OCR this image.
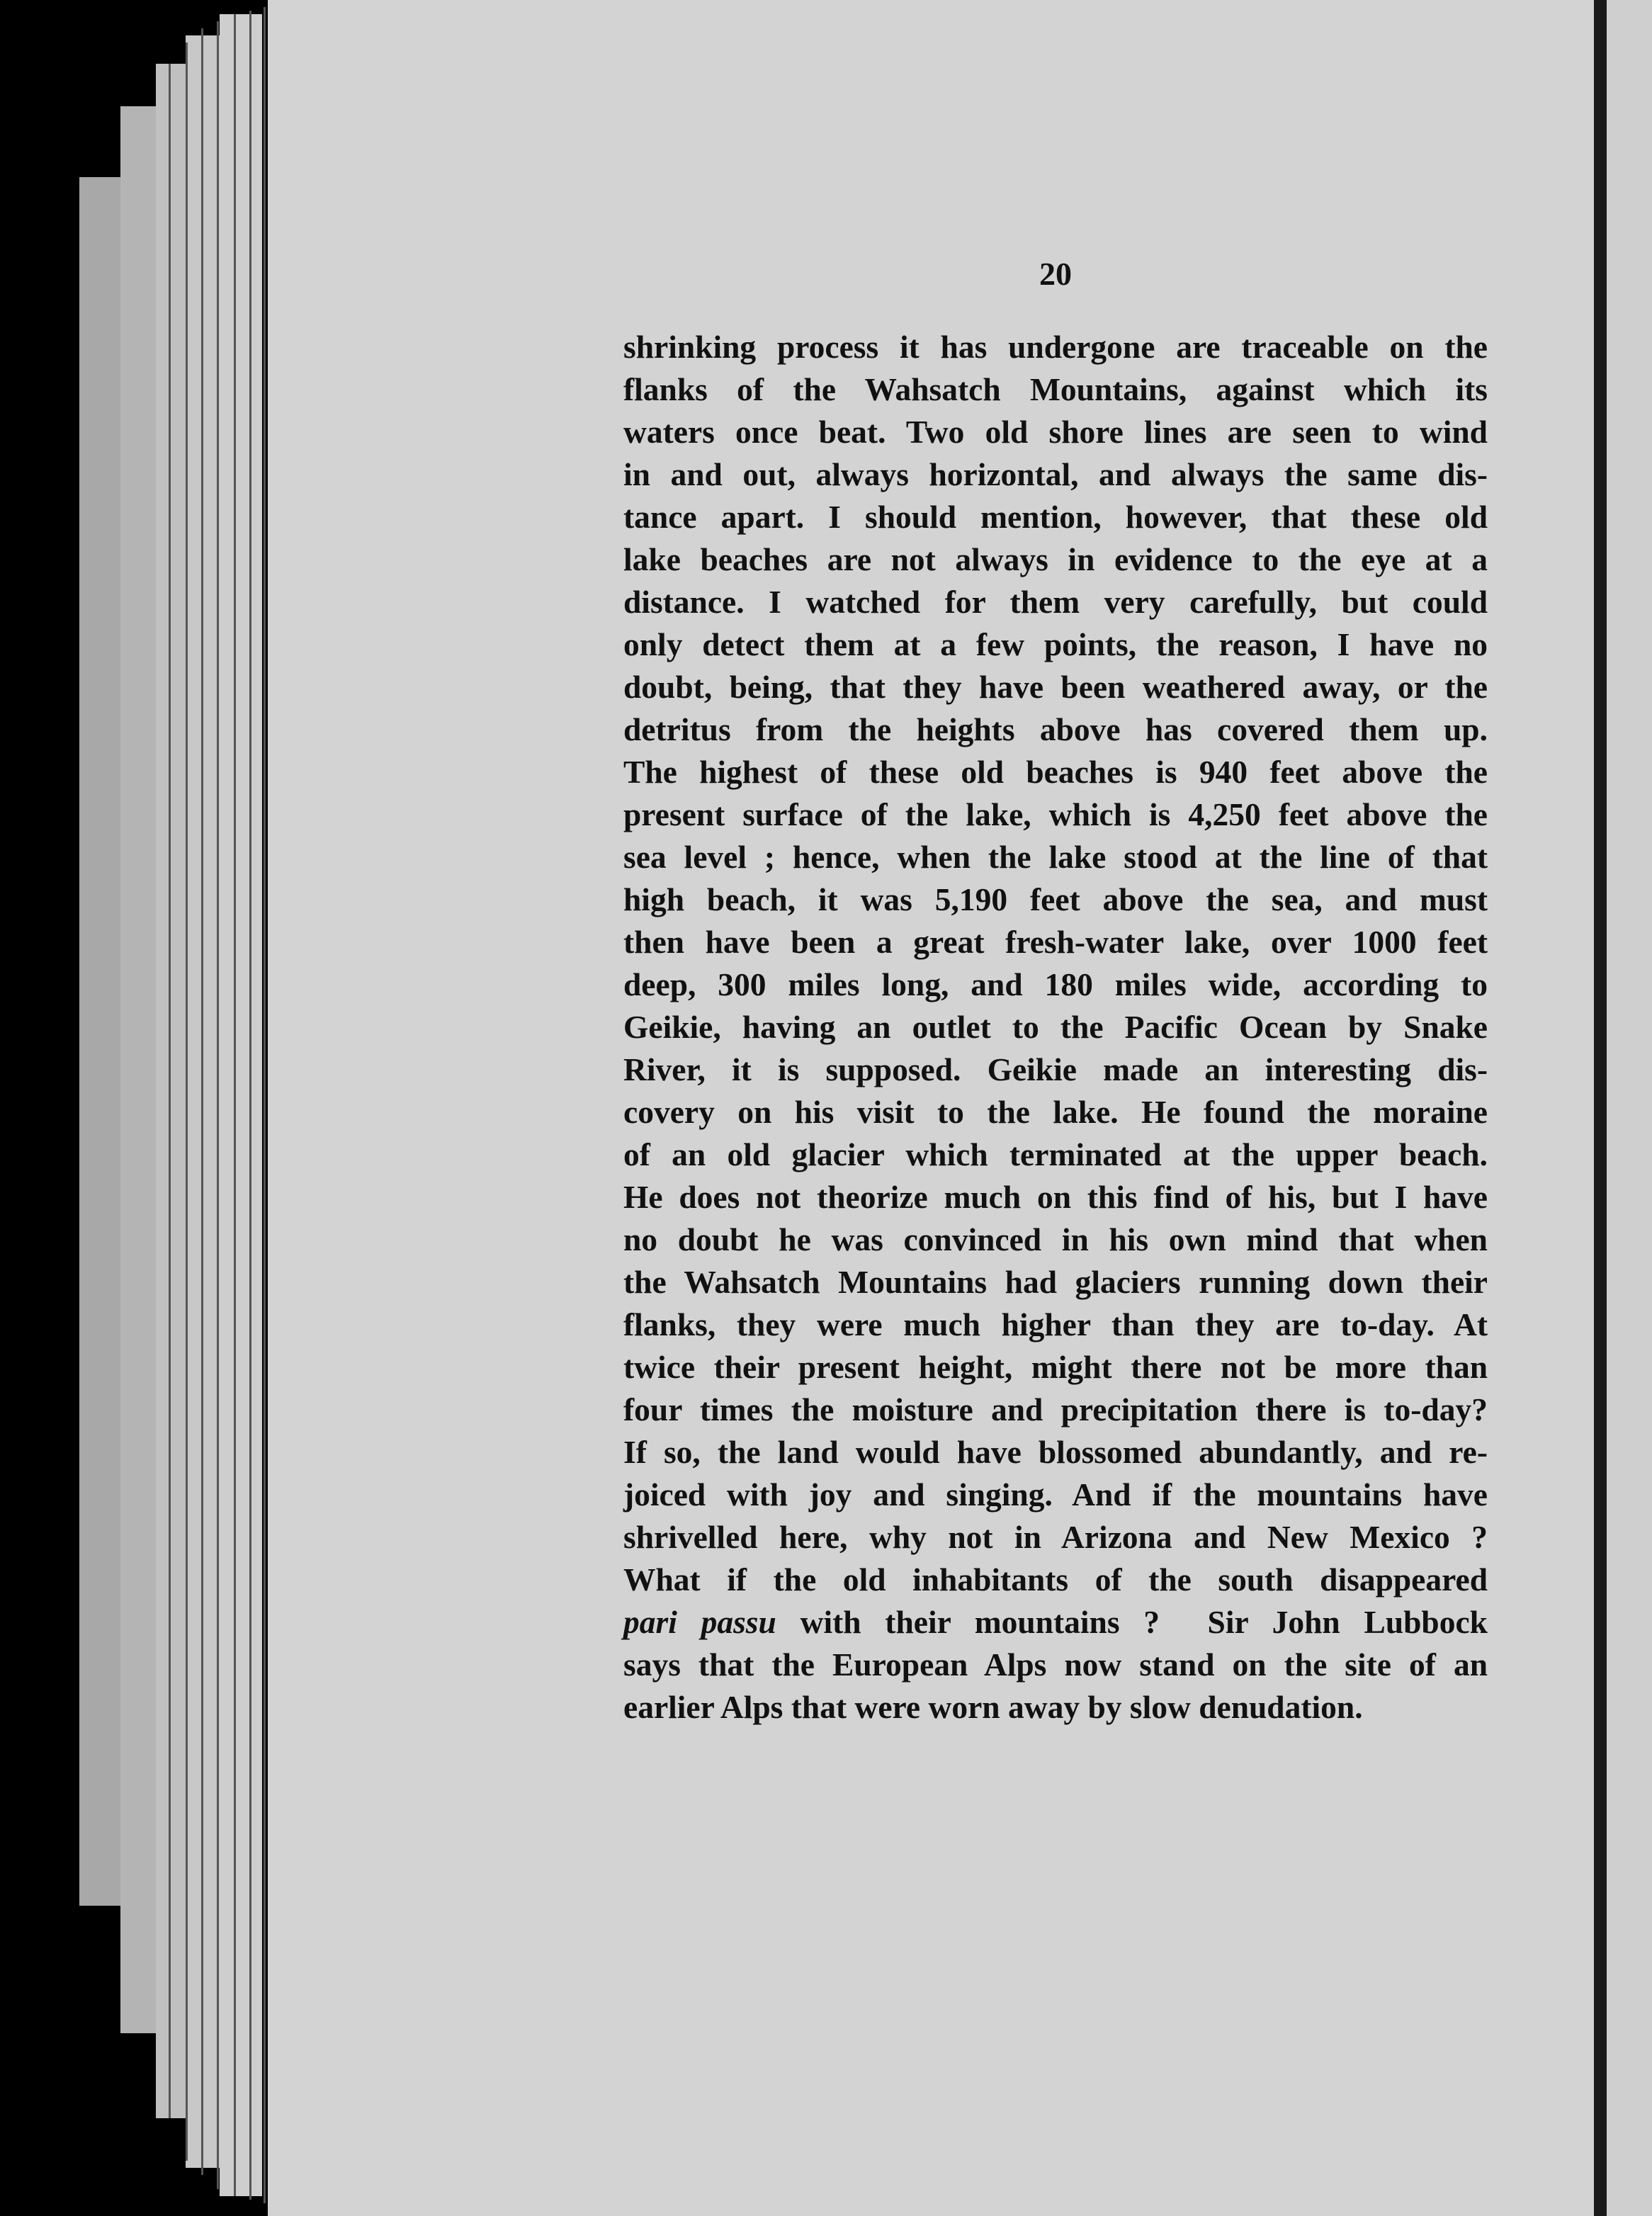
20
shrinking process it has undergone are traceable on the
flanks of the Wahsatch Mountains, against which its
waters once beat. Two old shore lines are seen to wind
in and out, always horizontal, and always the same dis-
tance apart. I should mention, however, that these old
lake beaches are not always in evidence to the eye at a
distance. I watched for them very carefully, but could
only detect them at a few points, the reason, I have no
doubt, being, that they have been weathered away, or the
detritus from the heights above has covered them up.
The highest of these old beaches is 940 feet above the
present surface of the lake, which is 4,250 feet above the
sea level ; hence, when the lake stood at the line of that
high beach, it was 5,190 feet above the sea, and must
then have been a great fresh-water lake, over 1000 feet
deep, 300 miles long, and 180 miles wide, according to
Geikie, having an outlet to the Pacific Ocean by Snake
River, it is supposed. Geikie made an interesting dis-
covery on his visit to the lake. He found the moraine
of an old glacier which terminated at the upper beach.
He does not theorize much on this find of his, but I have
no doubt he was convinced in his own mind that when
the Wahsatch Mountains had glaciers running down their
flanks, they were much higher than they are to-day. At
twice their present height, might there not be more than
four times the moisture and precipitation there is to-day?
If so, the land would have blossomed abundantly, and re-
joiced with joy and singing. And if the mountains have
shrivelled here, why not in Arizona and New Mexico ?
What if the old inhabitants of the south disappeared
pari passu with their mountains ?  Sir John Lubbock
says that the European Alps now stand on the site of an
earlier Alps that were worn away by slow denudation.
